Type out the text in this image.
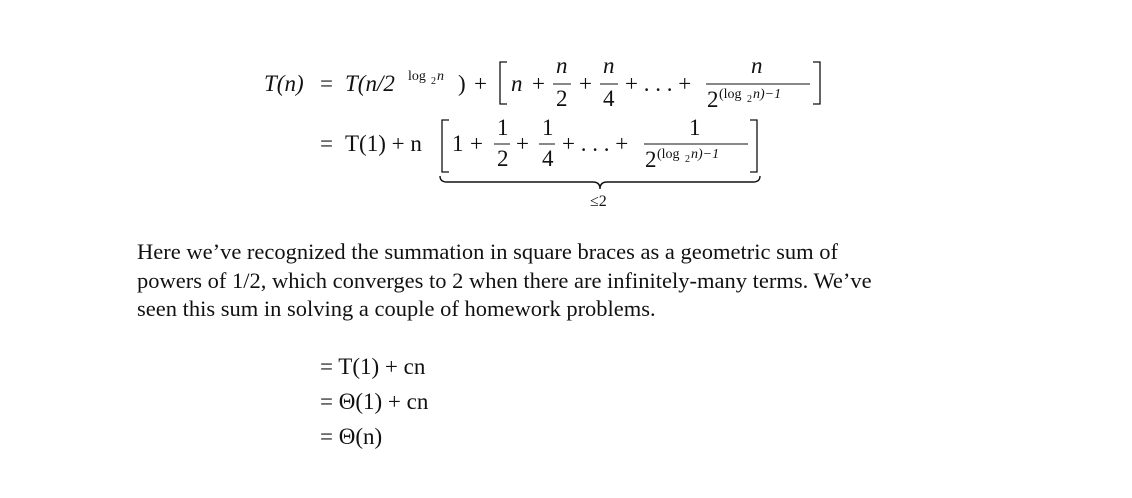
T(n) = T(n/2 log 2 n ) + n +
n
2
+
n
4
+ . . . +
n
2 (log 2 n)−1
= T(1) + n 1 +
1
2
+
1
4
+ . . . +
1
2 (log 2 n)−1
≤2

Here we’ve recognized the summation in square braces as a geometric sum of
powers of 1/2, which converges to 2 when there are infinitely-many terms. We’ve
seen this sum in solving a couple of homework problems.

= T(1) + cn
= Θ(1) + cn
= Θ(n)
